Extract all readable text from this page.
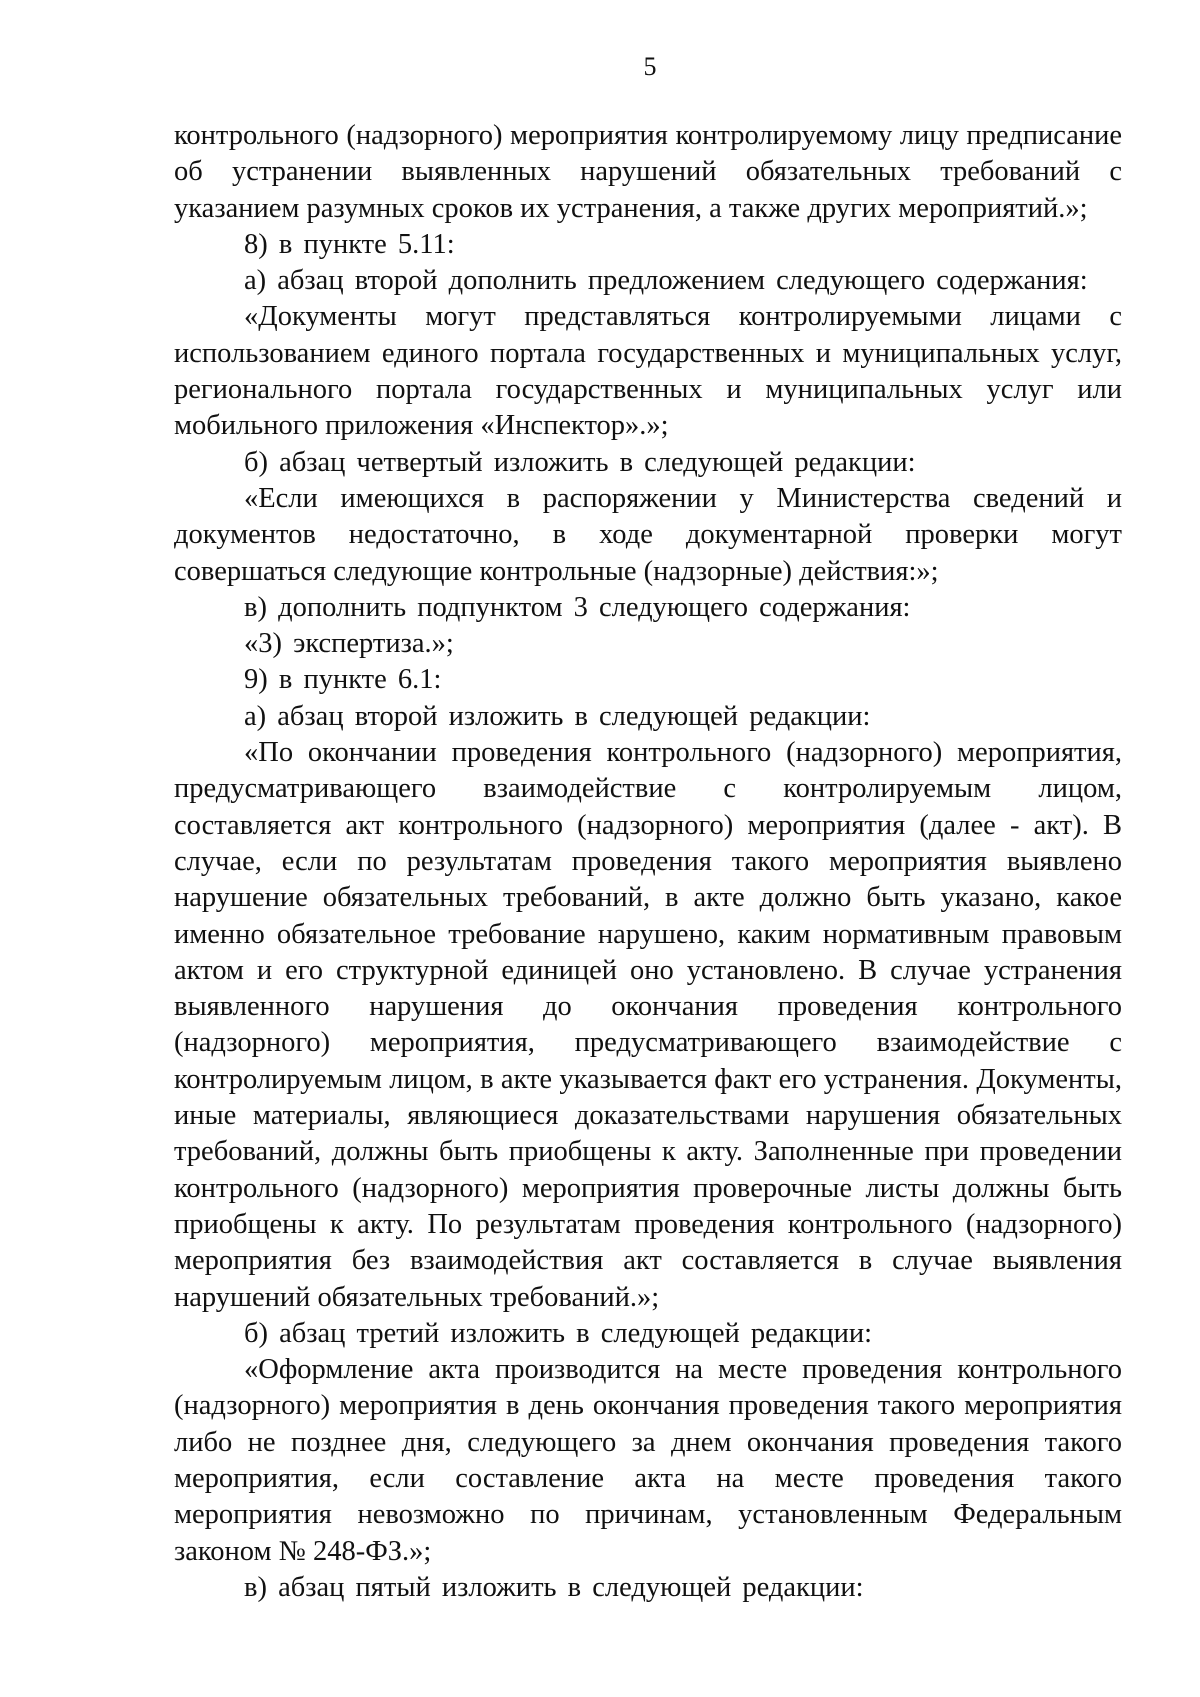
5

контрольного (надзорного) мероприятия контролируемому лицу предписание об устранении выявленных нарушений обязательных требований с указанием разумных сроков их устранения, а также других мероприятий.»;

8) в пункте 5.11:

а) абзац второй дополнить предложением следующего содержания:

«Документы могут представляться контролируемыми лицами с использованием единого портала государственных и муниципальных услуг, регионального портала государственных и муниципальных услуг или мобильного приложения «Инспектор».»;

б) абзац четвертый изложить в следующей редакции:

«Если имеющихся в распоряжении у Министерства сведений и документов недостаточно, в ходе документарной проверки могут совершаться следующие контрольные (надзорные) действия:»;

в) дополнить подпунктом 3 следующего содержания:

«3) экспертиза.»;

9) в пункте 6.1:

а) абзац второй изложить в следующей редакции:

«По окончании проведения контрольного (надзорного) мероприятия, предусматривающего взаимодействие с контролируемым лицом, составляется акт контрольного (надзорного) мероприятия (далее - акт). В случае, если по результатам проведения такого мероприятия выявлено нарушение обязательных требований, в акте должно быть указано, какое именно обязательное требование нарушено, каким нормативным правовым актом и его структурной единицей оно установлено. В случае устранения выявленного нарушения до окончания проведения контрольного (надзорного) мероприятия, предусматривающего взаимодействие с контролируемым лицом, в акте указывается факт его устранения. Документы, иные материалы, являющиеся доказательствами нарушения обязательных требований, должны быть приобщены к акту. Заполненные при проведении контрольного (надзорного) мероприятия проверочные листы должны быть приобщены к акту. По результатам проведения контрольного (надзорного) мероприятия без взаимодействия акт составляется в случае выявления нарушений обязательных требований.»;

б) абзац третий изложить в следующей редакции:

«Оформление акта производится на месте проведения контрольного (надзорного) мероприятия в день окончания проведения такого мероприятия либо не позднее дня, следующего за днем окончания проведения такого мероприятия, если составление акта на месте проведения такого мероприятия невозможно по причинам, установленным Федеральным законом № 248-ФЗ.»;

в) абзац пятый изложить в следующей редакции:
